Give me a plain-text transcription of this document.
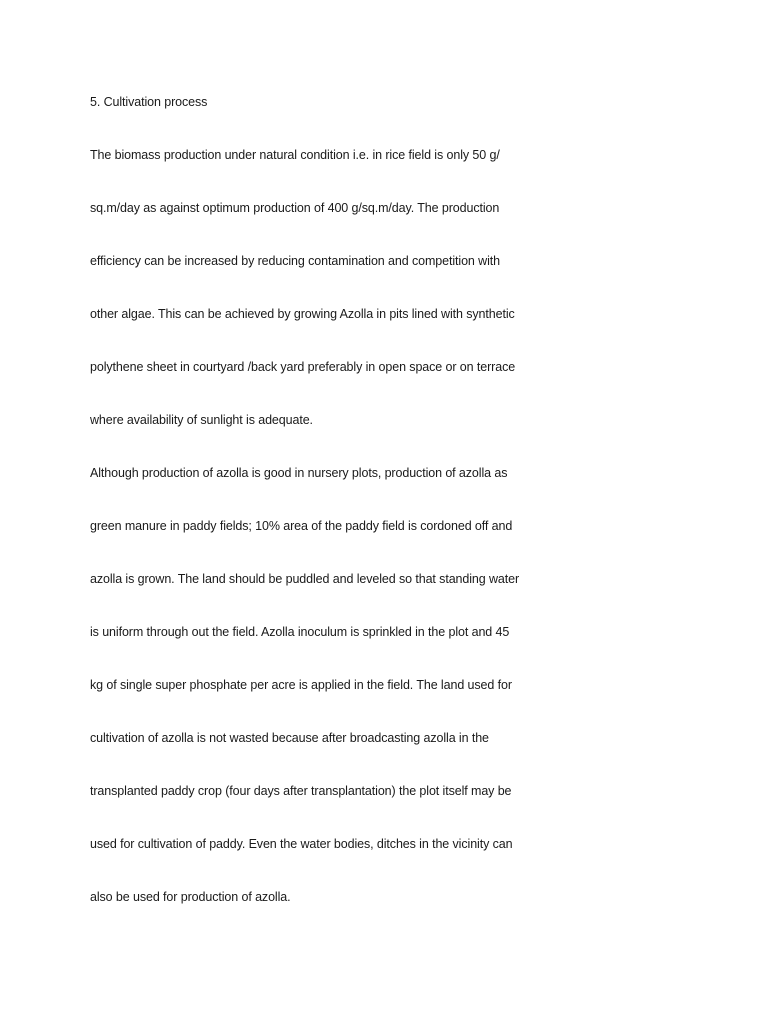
5. Cultivation process

The biomass production under natural condition i.e. in rice field is only 50 g/

sq.m/day as against optimum production of 400 g/sq.m/day. The production

efficiency can be increased by reducing contamination and competition with

other algae. This can be achieved by growing Azolla in pits lined with synthetic

polythene sheet in courtyard /back yard preferably in open space or on terrace

where availability of sunlight is adequate.

Although production of azolla is good in nursery plots, production of azolla as

green manure in paddy fields; 10% area of the paddy field is cordoned off and

azolla is grown. The land should be puddled and leveled so that standing water

is uniform through out the field. Azolla inoculum is sprinkled in the plot and 45

kg of single super phosphate per acre is applied in the field. The land used for

cultivation of azolla is not wasted because after broadcasting azolla in the

transplanted paddy crop (four days after transplantation) the plot itself may be

used for cultivation of paddy. Even the water bodies, ditches in the vicinity can

also be used for production of azolla.
